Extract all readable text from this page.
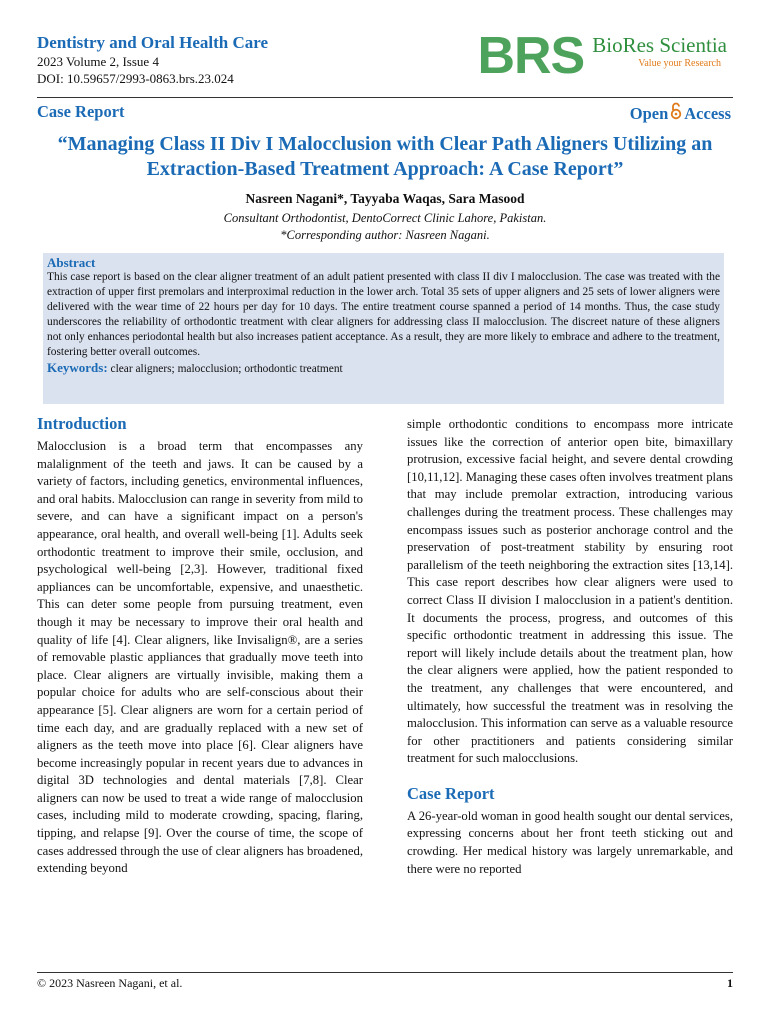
Dentistry and Oral Health Care
2023 Volume 2, Issue 4
DOI: 10.59657/2993-0863.brs.23.024	BRS BioRes Scientia
Value your Research
Case Report	Open Access
“Managing Class II Div I Malocclusion with Clear Path Aligners Utilizing an Extraction-Based Treatment Approach: A Case Report”
Nasreen Nagani*, Tayyaba Waqas, Sara Masood
Consultant Orthodontist, DentoCorrect Clinic Lahore, Pakistan.
*Corresponding author: Nasreen Nagani.
Abstract
This case report is based on the clear aligner treatment of an adult patient presented with class II div I malocclusion. The case was treated with the extraction of upper first premolars and interproximal reduction in the lower arch. Total 35 sets of upper aligners and 25 sets of lower aligners were delivered with the wear time of 22 hours per day for 10 days. The entire treatment course spanned a period of 14 months. Thus, the case study underscores the reliability of orthodontic treatment with clear aligners for addressing class II malocclusion. The discreet nature of these aligners not only enhances periodontal health but also increases patient acceptance. As a result, they are more likely to embrace and adhere to the treatment, fostering better overall outcomes.
Keywords: clear aligners; malocclusion; orthodontic treatment
Introduction

Malocclusion is a broad term that encompasses any malalignment of the teeth and jaws. It can be caused by a variety of factors, including genetics, environmental influences, and oral habits. Malocclusion can range in severity from mild to severe, and can have a significant impact on a person's appearance, oral health, and overall well-being [1]. Adults seek orthodontic treatment to improve their smile, occlusion, and psychological well-being [2,3]. However, traditional fixed appliances can be uncomfortable, expensive, and unaesthetic. This can deter some people from pursuing treatment, even though it may be necessary to improve their oral health and quality of life [4]. Clear aligners, like Invisalign®, are a series of removable plastic appliances that gradually move teeth into place. Clear aligners are virtually invisible, making them a popular choice for adults who are self-conscious about their appearance [5]. Clear aligners are worn for a certain period of time each day, and are gradually replaced with a new set of aligners as the teeth move into place [6]. Clear aligners have become increasingly popular in recent years due to advances in digital 3D technologies and dental materials [7,8]. Clear aligners can now be used to treat a wide range of malocclusion cases, including mild to moderate crowding, spacing, flaring, tipping, and relapse [9]. Over the course of time, the scope of cases addressed through the use of clear aligners has broadened, extending beyond

simple orthodontic conditions to encompass more intricate issues like the correction of anterior open bite, bimaxillary protrusion, excessive facial height, and severe dental crowding [10,11,12]. Managing these cases often involves treatment plans that may include premolar extraction, introducing various challenges during the treatment process. These challenges may encompass issues such as posterior anchorage control and the preservation of post-treatment stability by ensuring root parallelism of the teeth neighboring the extraction sites [13,14]. This case report describes how clear aligners were used to correct Class II division I malocclusion in a patient's dentition. It documents the process, progress, and outcomes of this specific orthodontic treatment in addressing this issue. The report will likely include details about the treatment plan, how the clear aligners were applied, how the patient responded to the treatment, any challenges that were encountered, and ultimately, how successful the treatment was in resolving the malocclusion. This information can serve as a valuable resource for other practitioners and patients considering similar treatment for such malocclusions.

Case Report

A 26-year-old woman in good health sought our dental services, expressing concerns about her front teeth sticking out and crowding. Her medical history was largely unremarkable, and there were no reported

© 2023 Nasreen Nagani, et al.	1
